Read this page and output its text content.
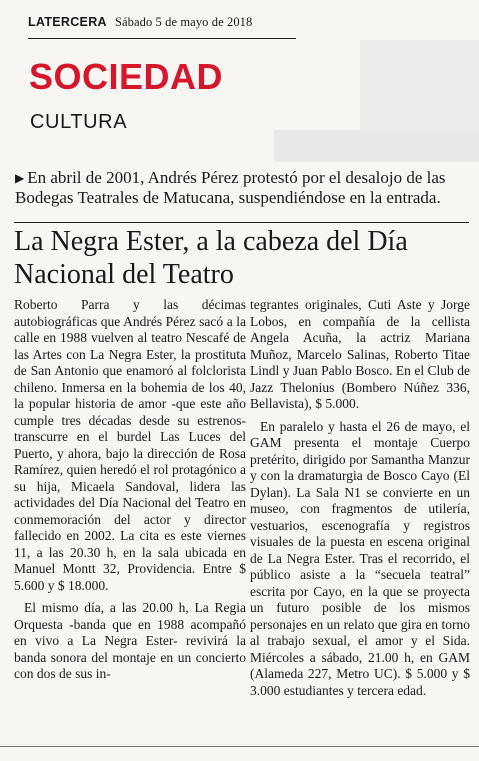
LATERCERA Sábado 5 de mayo de 2018
SOCIEDAD
CULTURA
▶ En abril de 2001, Andrés Pérez protestó por el desalojo de las Bodegas Teatrales de Matucana, suspendiéndose en la entrada.
La Negra Ester, a la cabeza del Día Nacional del Teatro

Roberto Parra y las décimas autobiográficas que Andrés Pérez sacó a la calle en 1988 vuelven al teatro Nescafé de las Artes con La Negra Ester, la prostituta de San Antonio que enamoró al folclorista chileno. Inmersa en la bohemia de los 40, la popular historia de amor -que este año cumple tres décadas desde su estrenos- transcurre en el burdel Las Luces del Puerto, y ahora, bajo la dirección de Rosa Ramírez, quien heredó el rol protagónico a su hija, Micaela Sandoval, lidera las actividades del Día Nacional del Teatro en conmemoración del actor y director fallecido en 2002. La cita es este viernes 11, a las 20.30 h, en la sala ubicada en Manuel Montt 32, Providencia. Entre $ 5.600 y $ 18.000.

El mismo día, a las 20.00 h, La Regia Orquesta -banda que en 1988 acompañó en vivo a La Negra Ester- revivirá la banda sonora del montaje en un concierto con dos de sus in-

tegrantes originales, Cuti Aste y Jorge Lobos, en compañía de la cellista Angela Acuña, la actriz Mariana Muñoz, Marcelo Salinas, Roberto Titae Lindl y Juan Pablo Bosco. En el Club de Jazz Thelonius (Bombero Núñez 336, Bellavista), $ 5.000.

En paralelo y hasta el 26 de mayo, el GAM presenta el montaje Cuerpo pretérito, dirigido por Samantha Manzur y con la dramaturgia de Bosco Cayo (El Dylan). La Sala N1 se convierte en un museo, con fragmentos de utilería, vestuarios, escenografía y registros visuales de la puesta en escena original de La Negra Ester. Tras el recorrido, el público asiste a la “secuela teatral” escrita por Cayo, en la que se proyecta un futuro posible de los mismos personajes en un relato que gira en torno al trabajo sexual, el amor y el Sida. Miércoles a sábado, 21.00 h, en GAM (Alameda 227, Metro UC). $ 5.000 y $ 3.000 estudiantes y tercera edad.
